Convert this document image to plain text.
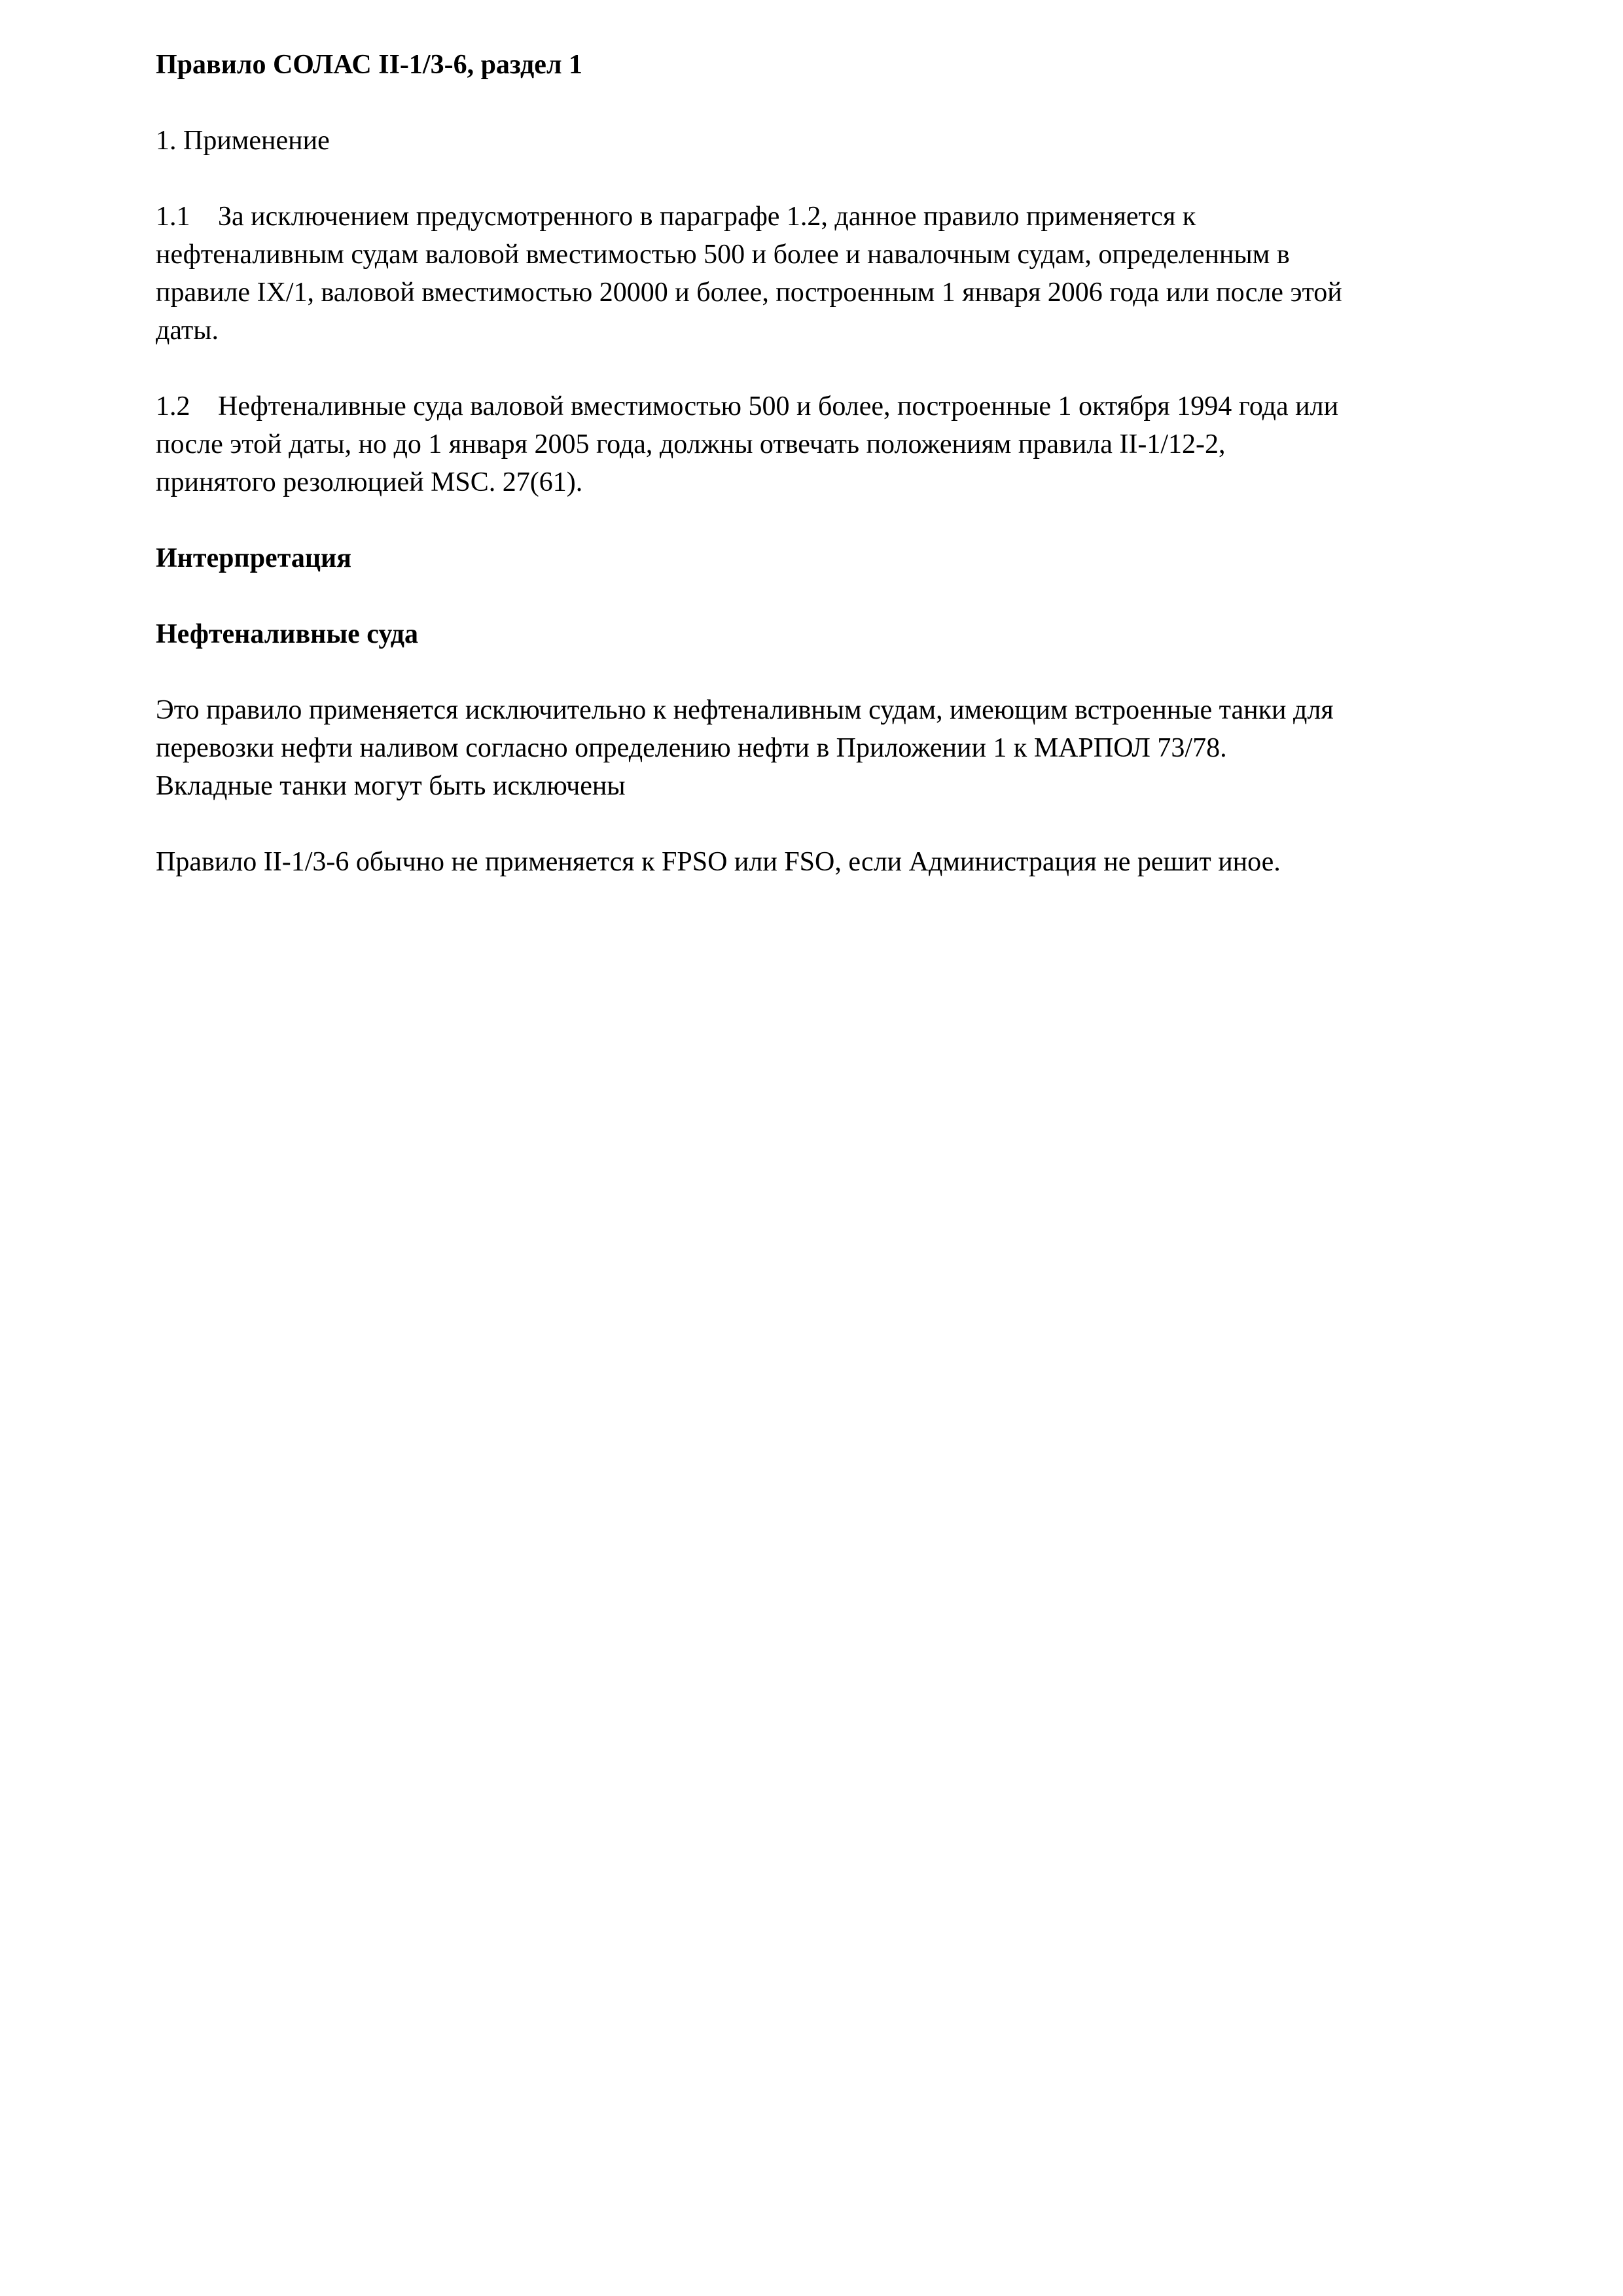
Правило СОЛАС II-1/3-6, раздел 1

1. Применение

1.1 За исключением предусмотренного в параграфе 1.2, данное правило применяется к
нефтеналивным судам валовой вместимостью 500 и более и навалочным судам, определенным в
правиле IX/1, валовой вместимостью 20000 и более, построенным 1 января 2006 года или после этой
даты.
1.2 Нефтеналивные суда валовой вместимостью 500 и более, построенные 1 октября 1994 года или
после этой даты, но до 1 января 2005 года, должны отвечать положениям правила II-1/12-2,
принятого резолюцией MSC. 27(61).

Интерпретация

Нефтеналивные суда

Это правило применяется исключительно к нефтеналивным судам, имеющим встроенные танки для
перевозки нефти наливом согласно определению нефти в Приложении 1 к МАРПОЛ 73/78.
Вкладные танки могут быть исключены

Правило II-1/3-6 обычно не применяется к FPSO или FSO, если Администрация не решит иное.
